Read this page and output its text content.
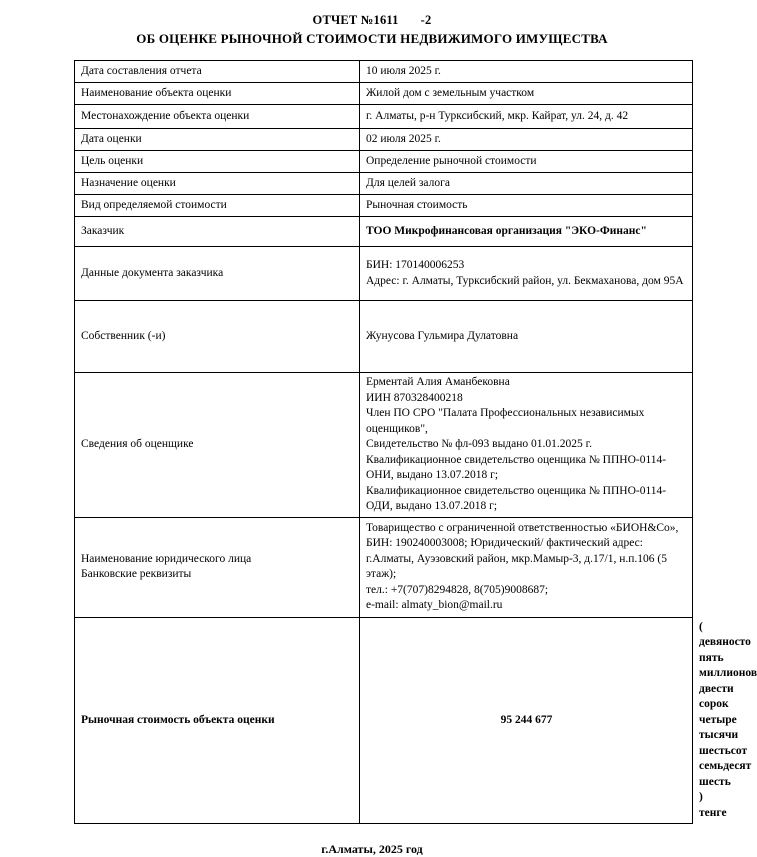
ОТЧЕТ №1611 -2
ОБ ОЦЕНКЕ РЫНОЧНОЙ СТОИМОСТИ НЕДВИЖИМОГО ИМУЩЕСТВА
Дата составления отчета	10 июля 2025 г.	
Наименование объекта оценки	Жилой дом с земельным участком	
Местонахождение объекта оценки	г. Алматы, р-н Турксибский, мкр. Кайрат, ул. 24, д. 42	
Дата оценки	02 июля 2025 г.	
Цель оценки	Определение рыночной стоимости	
Назначение оценки	Для целей залога	
Вид определяемой стоимости	Рыночная стоимость	
Заказчик	ТОО Микрофинансовая организация "ЭКО-Финанс"	
Данные документа заказчика	БИН: 170140006253
Адрес: г. Алматы, Турксибский район, ул. Бекмаханова, дом 95А	
Собственник (-и)	Жунусова Гульмира Дулатовна	
Сведения об оценщике	Ерментай Алия Аманбековна
ИИН 870328400218
Член ПО СРО "Палата Профессиональных независимых оценщиков",
Свидетельство № фл-093 выдано 01.01.2025 г.
Квалификационное свидетельство оценщика № ППНО-0114-ОНИ, выдано 13.07.2018 г;
Квалификационное свидетельство оценщика № ППНО-0114-ОДИ, выдано 13.07.2018 г;
Наименование юридического лица
Банковские реквизиты	Товарищество с ограниченной ответственностью «БИОН&Co», БИН: 190240003008; Юридический/ фактический адрес: г.Алматы, Ауэзовский район, мкр.Мамыр-3, д.17/1, н.п.106 (5 этаж);
тел.: +7(707)8294828, 8(705)9008687;
e-mail: almaty_bion@mail.ru	
Рыночная стоимость объекта оценки	95 244 677	( девяносто пять миллионов двести сорок четыре тысячи шестьсот семьдесят шесть ) тенге
г.Алматы, 2025 год
